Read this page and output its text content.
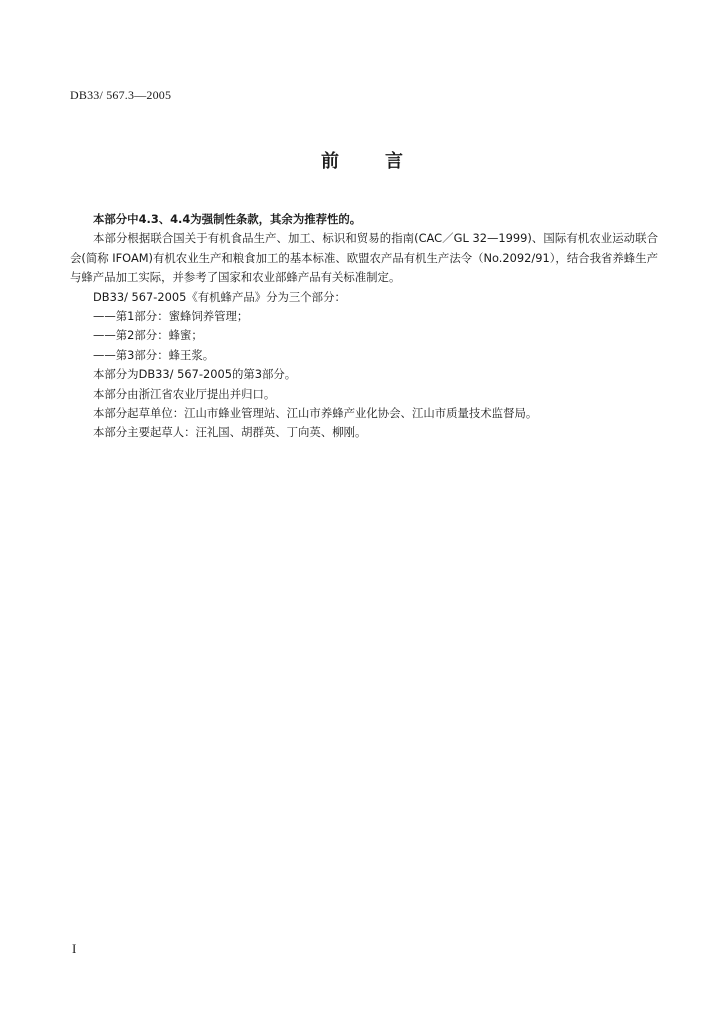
DB33/ 567.3—2005
前言

本部分中4.3、4.4为强制性条款，其余为推荐性的。

本部分根据联合国关于有机食品生产、加工、标识和贸易的指南(CAC／GL 32—1999)、国际有机农业运动联合会(简称 IFOAM)有机农业生产和粮食加工的基本标准、欧盟农产品有机生产法令（No.2092/91），结合我省养蜂生产与蜂产品加工实际，并参考了国家和农业部蜂产品有关标准制定。

DB33/ 567-2005《有机蜂产品》分为三个部分：

——第1部分：蜜蜂饲养管理；

——第2部分：蜂蜜；

——第3部分：蜂王浆。

本部分为DB33/ 567-2005的第3部分。

本部分由浙江省农业厅提出并归口。

本部分起草单位：江山市蜂业管理站、江山市养蜂产业化协会、江山市质量技术监督局。

本部分主要起草人：汪礼国、胡群英、丁向英、柳刚。

I
